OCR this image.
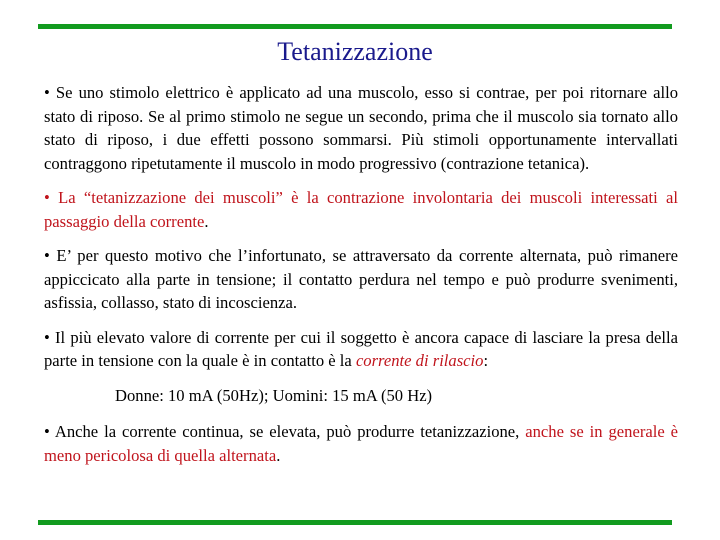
Tetanizzazione

• Se uno stimolo elettrico è applicato ad una muscolo, esso si contrae, per poi ritornare allo stato di riposo. Se al primo stimolo ne segue un secondo, prima che il muscolo sia tornato allo stato di riposo, i due effetti possono sommarsi. Più stimoli opportunamente intervallati contraggono ripetutamente il muscolo in modo progressivo (contrazione tetanica).

• La “tetanizzazione dei muscoli” è la contrazione involontaria dei muscoli interessati al passaggio della corrente.

• E’ per questo motivo che l’infortunato, se attraversato da corrente alternata, può rimanere appiccicato alla parte in tensione; il contatto perdura nel tempo e può produrre svenimenti, asfissia, collasso, stato di incoscienza.

• Il più elevato valore di corrente per cui il soggetto è ancora capace di lasciare la presa della parte in tensione con la quale è in contatto è la corrente di rilascio:

Donne: 10 mA (50Hz); Uomini: 15 mA (50 Hz)

• Anche la corrente continua, se elevata, può produrre tetanizzazione, anche se in generale è meno pericolosa di quella alternata.
